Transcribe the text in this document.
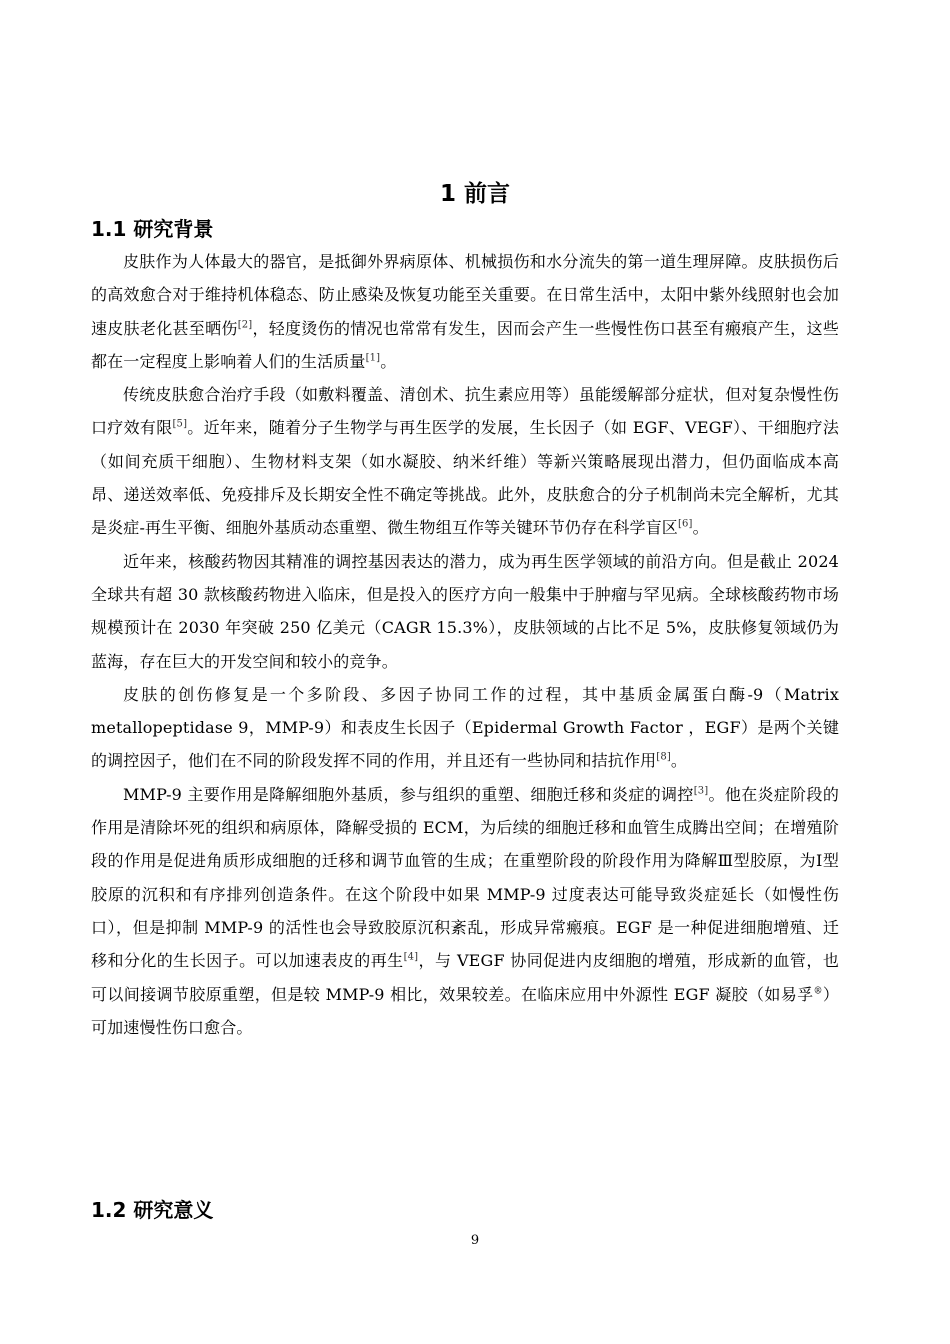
1 前言
1.1 研究背景

皮肤作为人体最大的器官，是抵御外界病原体、机械损伤和水分流失的第一道生理屏障。皮肤损伤后的高效愈合对于维持机体稳态、防止感染及恢复功能至关重要。在日常生活中，太阳中紫外线照射也会加速皮肤老化甚至晒伤[2]，轻度烫伤的情况也常常有发生，因而会产生一些慢性伤口甚至有瘢痕产生，这些都在一定程度上影响着人们的生活质量[1]。

传统皮肤愈合治疗手段（如敷料覆盖、清创术、抗生素应用等）虽能缓解部分症状，但对复杂慢性伤口疗效有限[5]。近年来，随着分子生物学与再生医学的发展，生长因子（如 EGF、VEGF）、干细胞疗法（如间充质干细胞）、生物材料支架（如水凝胶、纳米纤维）等新兴策略展现出潜力，但仍面临成本高昂、递送效率低、免疫排斥及长期安全性不确定等挑战。此外，皮肤愈合的分子机制尚未完全解析，尤其是炎症-再生平衡、细胞外基质动态重塑、微生物组互作等关键环节仍存在科学盲区[6]。

近年来，核酸药物因其精准的调控基因表达的潜力，成为再生医学领域的前沿方向。但是截止 2024 全球共有超 30 款核酸药物进入临床，但是投入的医疗方向一般集中于肿瘤与罕见病。全球核酸药物市场规模预计在 2030 年突破 250 亿美元（CAGR 15.3%），皮肤领域的占比不足 5%，皮肤修复领域仍为蓝海，存在巨大的开发空间和较小的竞争。

皮肤的创伤修复是一个多阶段、多因子协同工作的过程，其中基质金属蛋白酶-9（Matrix metallopeptidase 9，MMP-9）和表皮生长因子（Epidermal Growth Factor ，EGF）是两个关键的调控因子，他们在不同的阶段发挥不同的作用，并且还有一些协同和拮抗作用[8]。

MMP-9 主要作用是降解细胞外基质，参与组织的重塑、细胞迁移和炎症的调控[3]。他在炎症阶段的作用是清除坏死的组织和病原体，降解受损的 ECM，为后续的细胞迁移和血管生成腾出空间；在增殖阶段的作用是促进角质形成细胞的迁移和调节血管的生成；在重塑阶段的阶段作用为降解Ⅲ型胶原，为Ⅰ型胶原的沉积和有序排列创造条件。在这个阶段中如果 MMP-9 过度表达可能导致炎症延长（如慢性伤口），但是抑制 MMP-9 的活性也会导致胶原沉积紊乱，形成异常瘢痕。EGF 是一种促进细胞增殖、迁移和分化的生长因子。可以加速表皮的再生[4]，与 VEGF 协同促进内皮细胞的增殖，形成新的血管，也可以间接调节胶原重塑，但是较 MMP-9 相比，效果较差。在临床应用中外源性 EGF 凝胶（如易孚®）可加速慢性伤口愈合。

1.2 研究意义
9
